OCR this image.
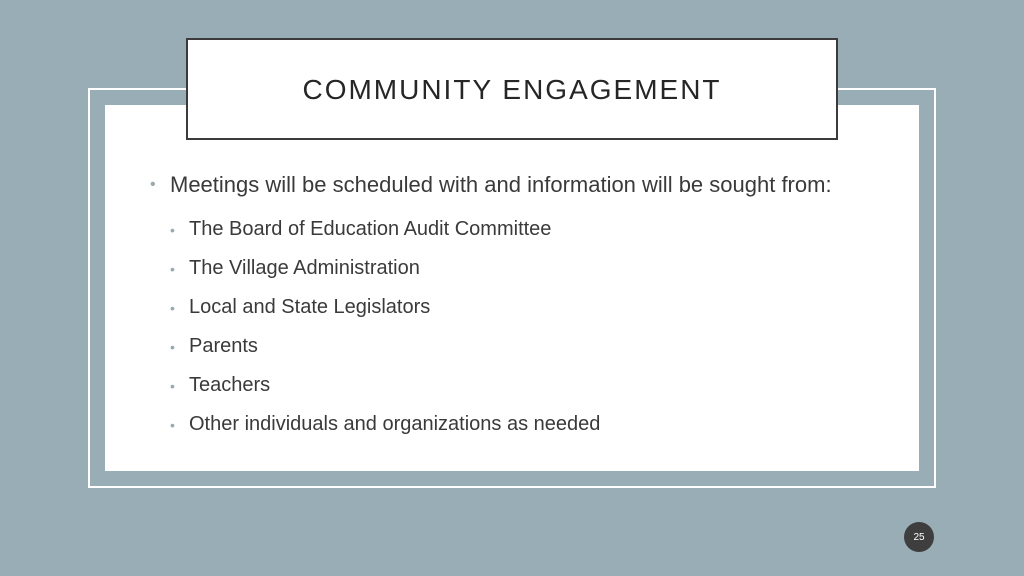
COMMUNITY ENGAGEMENT
• Meetings will be scheduled with and information will be sought from:
• The Board of Education Audit Committee
• The Village Administration
• Local and State Legislators
• Parents
• Teachers
• Other individuals and organizations as needed
25
